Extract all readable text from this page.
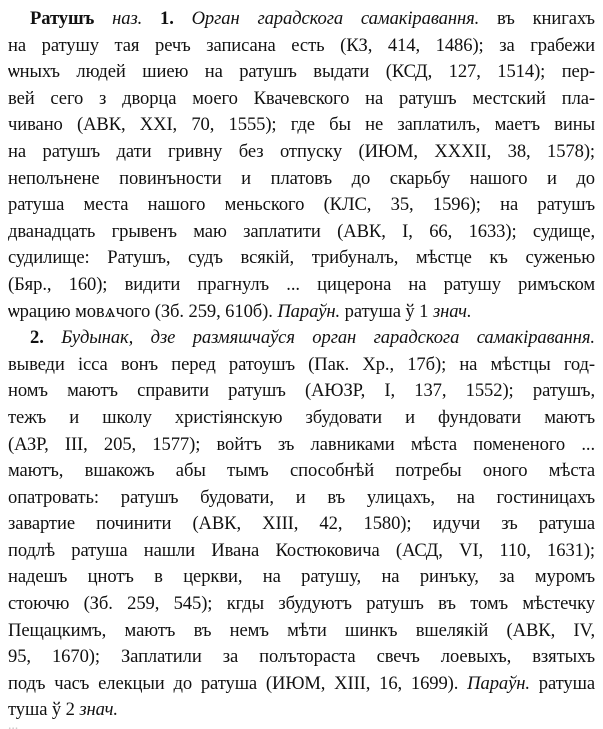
Ратушъ наз. 1. Орган гарадскога самакіравання. въ книгахъ
на ратушу тая речъ записана есть (КЗ, 414, 1486); за грабежи
ѡныхъ людей шиею на ратушъ выдати (КСД, 127, 1514); пер-
вей сего з дворца моего Квачевского на ратушъ местский пла-
чивано (АВК, XXI, 70, 1555); где бы не заплатилъ, маетъ вины
на ратушъ дати гривну без отпуску (ИЮМ, XXXII, 38, 1578);
неполънене повинъности и платовъ до скарьбу нашого и до
ратуша места нашого меньского (КЛС, 35, 1596); на ратушъ
дванадцать грывенъ маю заплатити (АВК, І, 66, 1633); судище,
судилище: Ратушъ, судъ всякій, трибуналъ, мѣстце къ суженью
(Бяр., 160); видити прагнулъ ... цицерона на ратушу римъском
ѡрацию мовѧчого (Зб. 259, 610б). Параўн. ратуша ў 1 знач.
2. Будынак, дзе размяшчаўся орган гарадскога самакіравання.
выведи ісса вонъ перед ратоушъ (Пак. Хр., 17б); на мѣстцы год-
номъ маютъ справити ратушъ (АЮЗР, І, 137, 1552); ратушъ,
тежъ и школу христіянскую збудовати и фундовати маютъ
(АЗР, III, 205, 1577); войтъ зъ лавниками мѣста помененого ...
маютъ, вшакожъ абы тымъ способнѣй потребы оного мѣста
опатровать: ратушъ будовати, и въ улицахъ, на гостиницахъ
завартие починити (АВК, XIII, 42, 1580); идучи зъ ратуша
подлѣ ратуша нашли Ивана Костюковича (АСД, VI, 110, 1631);
надешъ цнотъ в церкви, на ратушу, на ринъку, за муромъ
стоючю (Зб. 259, 545); кгды збудуютъ ратушъ въ томъ мѣстечку
Пещацкимъ, маютъ въ немъ мѣти шинкъ вшелякій (АВК, IV,
95, 1670); Заплатили за полътораста свечъ лоевыхъ, взятыхъ
подъ часъ елекцыи до ратуша (ИЮМ, XIII, 16, 1699). Параўн. ратуша
туша ў 2 знач.
...
